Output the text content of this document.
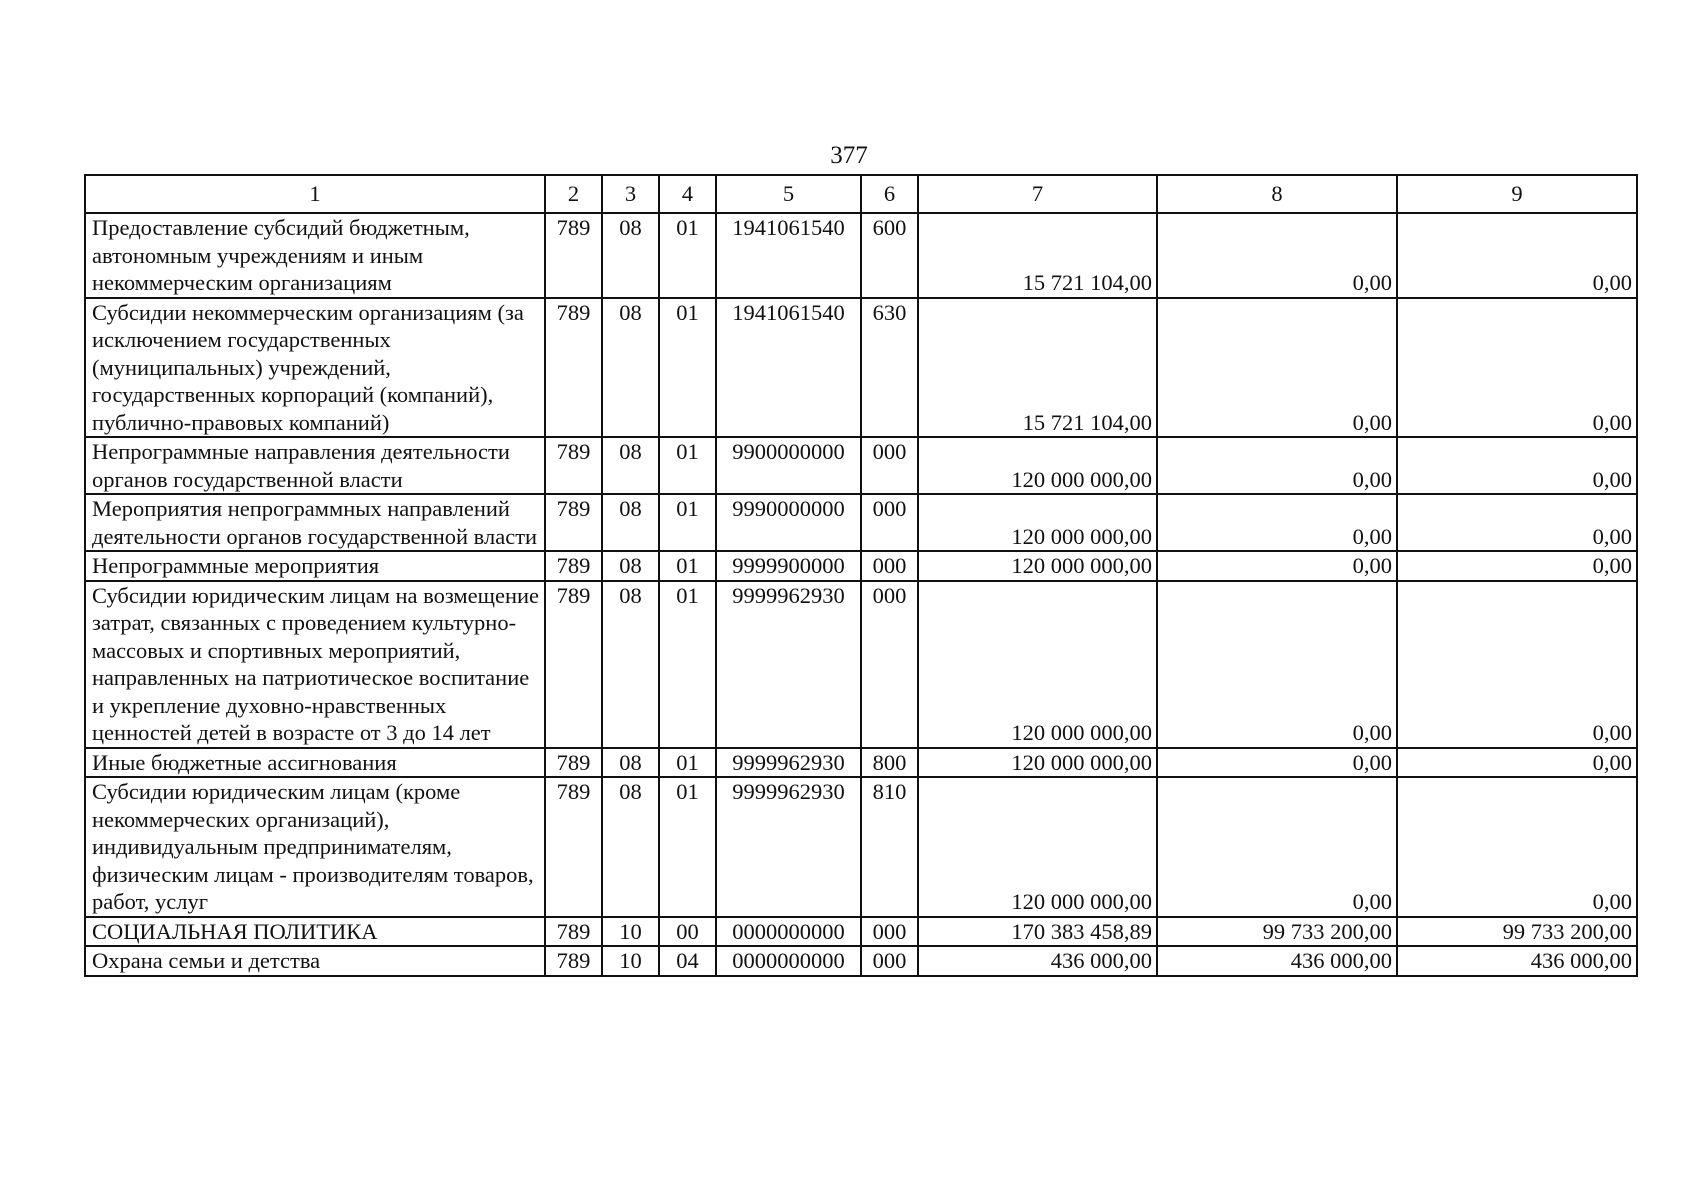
377
1	2	3	4	5	6	7	8	9
Предоставление субсидий бюджетным, автономным учреждениям и иным некоммерческим организациям	789	08	01	1941061540	600	15 721 104,00	0,00	0,00
Субсидии некоммерческим организациям (за исключением государственных (муниципальных) учреждений, государственных корпораций (компаний), публично-правовых компаний)	789	08	01	1941061540	630	15 721 104,00	0,00	0,00
Непрограммные направления деятельности органов государственной власти	789	08	01	9900000000	000	120 000 000,00	0,00	0,00
Мероприятия непрограммных направлений деятельности органов государственной власти	789	08	01	9990000000	000	120 000 000,00	0,00	0,00
Непрограммные мероприятия	789	08	01	9999900000	000	120 000 000,00	0,00	0,00
Субсидии юридическим лицам на возмещение затрат, связанных с проведением культурно-массовых и спортивных мероприятий, направленных на патриотическое воспитание и укрепление духовно-нравственных ценностей детей в возрасте от 3 до 14 лет	789	08	01	9999962930	000	120 000 000,00	0,00	0,00
Иные бюджетные ассигнования	789	08	01	9999962930	800	120 000 000,00	0,00	0,00
Субсидии юридическим лицам (кроме некоммерческих организаций), индивидуальным предпринимателям, физическим лицам - производителям товаров, работ, услуг	789	08	01	9999962930	810	120 000 000,00	0,00	0,00
СОЦИАЛЬНАЯ ПОЛИТИКА	789	10	00	0000000000	000	170 383 458,89	99 733 200,00	99 733 200,00
Охрана семьи и детства	789	10	04	0000000000	000	436 000,00	436 000,00	436 000,00
